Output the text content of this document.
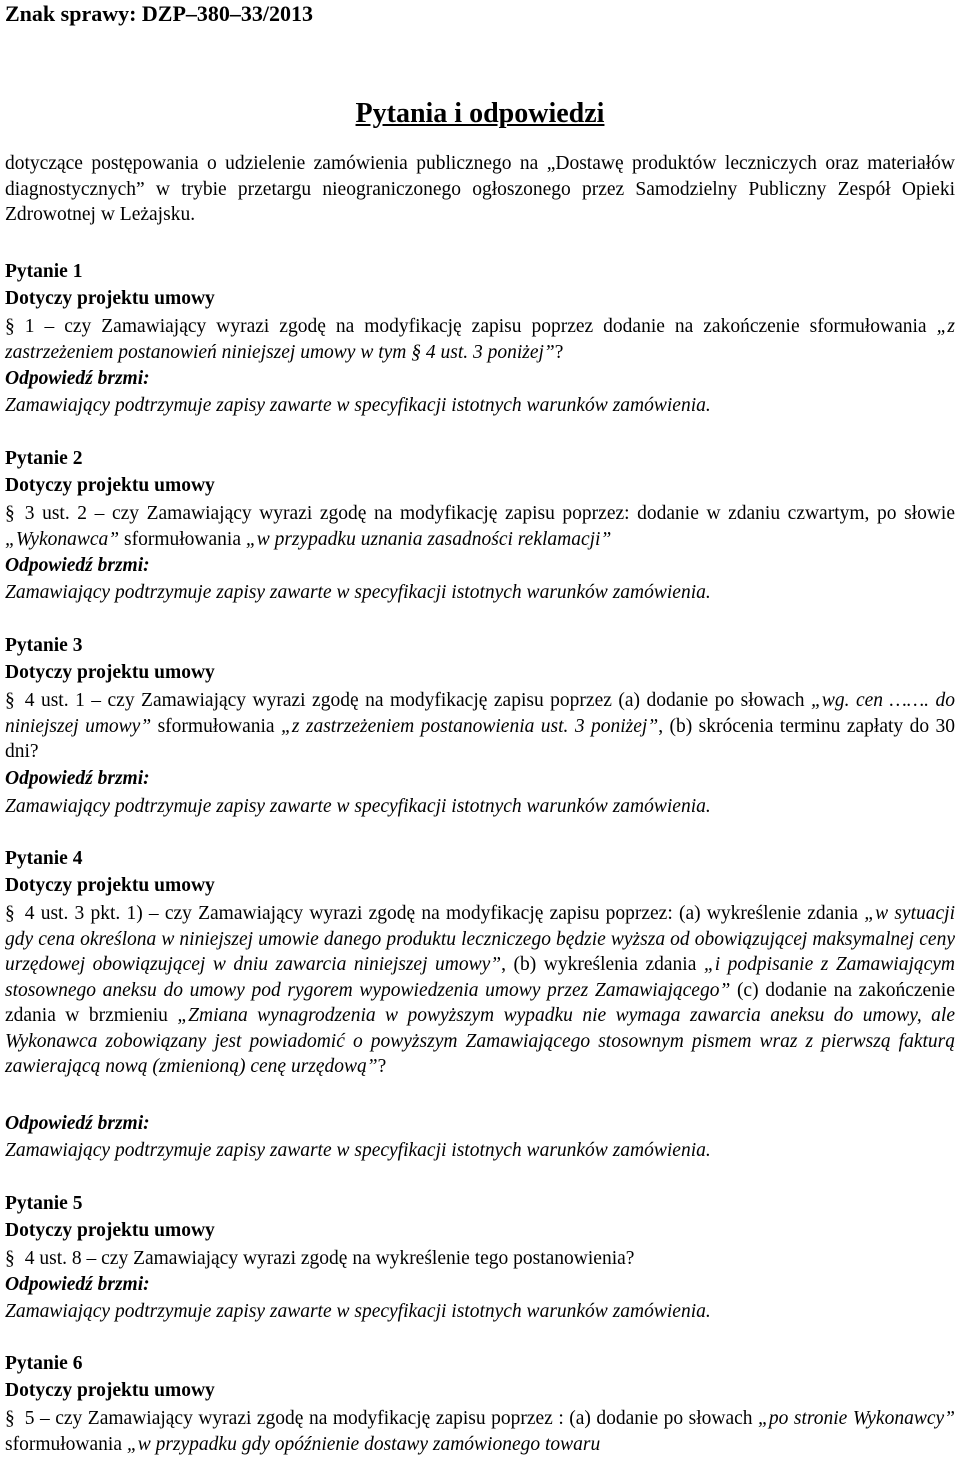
Znak sprawy: DZP–380–33/2013
Pytania i odpowiedzi
dotyczące postępowania o udzielenie zamówienia publicznego na „Dostawę produktów leczniczych oraz materiałów diagnostycznych” w trybie przetargu nieograniczonego ogłoszonego przez Samodzielny Publiczny Zespół Opieki Zdrowotnej w Leżajsku.
Pytanie 1
Dotyczy projektu umowy
§ 1 – czy Zamawiający wyrazi zgodę na modyfikację zapisu poprzez dodanie na zakończenie sformułowania „z zastrzeżeniem postanowień niniejszej umowy w tym § 4 ust. 3 poniżej”?
Odpowiedź brzmi:
Zamawiający podtrzymuje zapisy zawarte w specyfikacji istotnych warunków zamówienia.
Pytanie 2
Dotyczy projektu umowy
§ 3 ust. 2 – czy Zamawiający wyrazi zgodę na modyfikację zapisu poprzez: dodanie w zdaniu czwartym, po słowie „Wykonawca” sformułowania „w przypadku uznania zasadności reklamacji”
Odpowiedź brzmi:
Zamawiający podtrzymuje zapisy zawarte w specyfikacji istotnych warunków zamówienia.
Pytanie 3
Dotyczy projektu umowy
§ 4 ust. 1 – czy Zamawiający wyrazi zgodę na modyfikację zapisu poprzez (a) dodanie po słowach „wg. cen ……. do niniejszej umowy” sformułowania „z zastrzeżeniem postanowienia ust. 3 poniżej”, (b) skrócenia terminu zapłaty do 30 dni?
Odpowiedź brzmi:
Zamawiający podtrzymuje zapisy zawarte w specyfikacji istotnych warunków zamówienia.
Pytanie 4
Dotyczy projektu umowy
§ 4 ust. 3 pkt. 1) – czy Zamawiający wyrazi zgodę na modyfikację zapisu poprzez: (a) wykreślenie zdania „w sytuacji gdy cena określona w niniejszej umowie danego produktu leczniczego będzie wyższa od obowiązującej maksymalnej ceny urzędowej obowiązującej w dniu zawarcia niniejszej umowy”, (b) wykreślenia zdania „i podpisanie z Zamawiającym stosownego aneksu do umowy pod rygorem wypowiedzenia umowy przez Zamawiającego” (c) dodanie na zakończenie zdania w brzmieniu „Zmiana wynagrodzenia w powyższym wypadku nie wymaga zawarcia aneksu do umowy, ale Wykonawca zobowiązany jest powiadomić o powyższym Zamawiającego stosownym pismem wraz z pierwszą fakturą zawierającą nową (zmienioną) cenę urzędową”?
Odpowiedź brzmi:
Zamawiający podtrzymuje zapisy zawarte w specyfikacji istotnych warunków zamówienia.
Pytanie 5
Dotyczy projektu umowy
§ 4 ust. 8 – czy Zamawiający wyrazi zgodę na wykreślenie tego postanowienia?
Odpowiedź brzmi:
Zamawiający podtrzymuje zapisy zawarte w specyfikacji istotnych warunków zamówienia.
Pytanie 6
Dotyczy projektu umowy
§ 5 – czy Zamawiający wyrazi zgodę na modyfikację zapisu poprzez : (a) dodanie po słowach „po stronie Wykonawcy” sformułowania „w przypadku gdy opóźnienie dostawy zamówionego towaru
